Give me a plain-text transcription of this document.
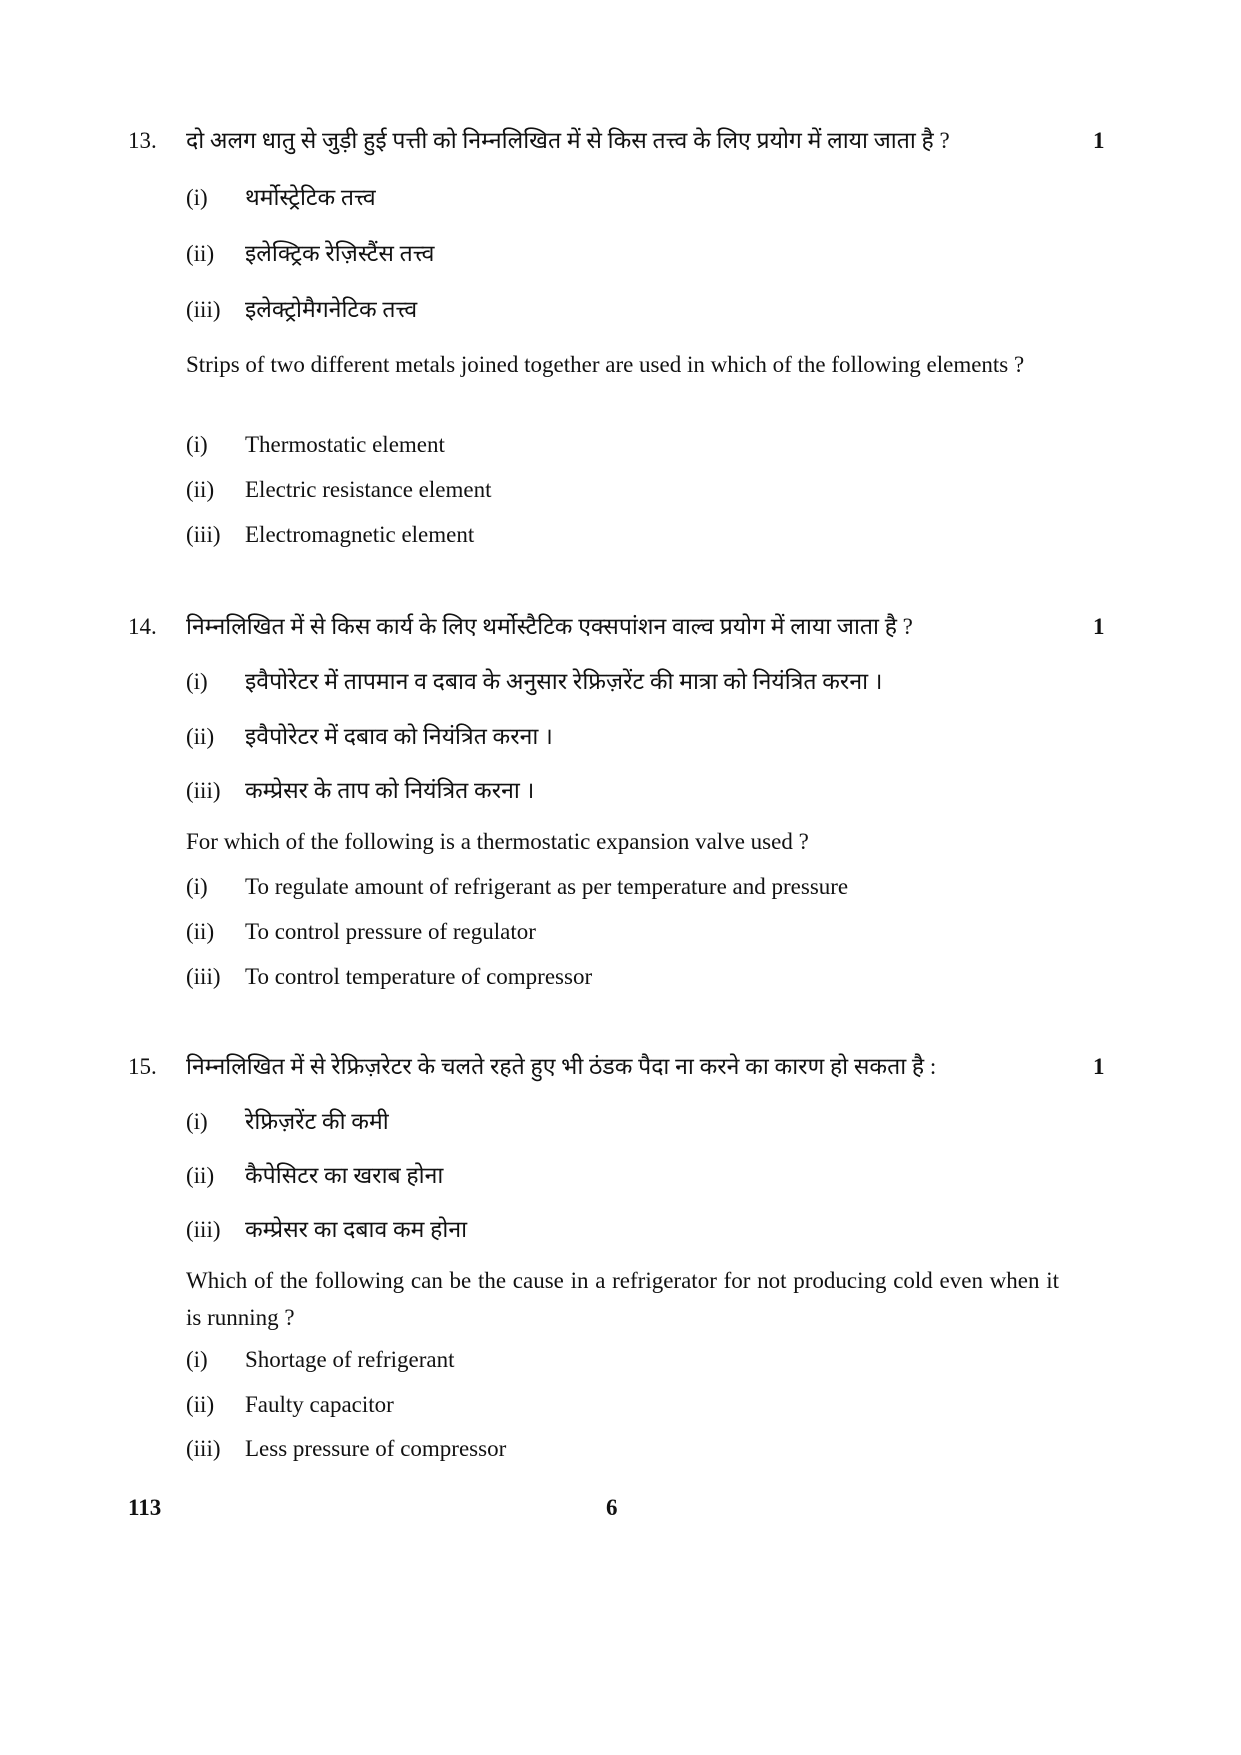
13. दो अलग धातु से जुड़ी हुई पत्ती को निम्नलिखित में से किस तत्त्व के लिए प्रयोग में लाया जाता है ?	1
(i) थर्मोस्ट्रेटिक तत्त्व
(ii) इलेक्ट्रिक रेज़िस्टैंस तत्त्व
(iii) इलेक्ट्रोमैगनेटिक तत्त्व
Strips of two different metals joined together are used in which of the following elements ?
(i) Thermostatic element
(ii) Electric resistance element
(iii) Electromagnetic element
14. निम्नलिखित में से किस कार्य के लिए थर्मोस्टैटिक एक्सपांशन वाल्व प्रयोग में लाया जाता है ?	1
(i) इवैपोरेटर में तापमान व दबाव के अनुसार रेफ्रिज़रेंट की मात्रा को नियंत्रित करना ।
(ii) इवैपोरेटर में दबाव को नियंत्रित करना ।
(iii) कम्प्रेसर के ताप को नियंत्रित करना ।
For which of the following is a thermostatic expansion valve used ?
(i) To regulate amount of refrigerant as per temperature and pressure
(ii) To control pressure of regulator
(iii) To control temperature of compressor
15. निम्नलिखित में से रेफ्रिज़रेटर के चलते रहते हुए भी ठंडक पैदा ना करने का कारण हो सकता है :	1
(i) रेफ्रिज़रेंट की कमी
(ii) कैपेसिटर का खराब होना
(iii) कम्प्रेसर का दबाव कम होना
Which of the following can be the cause in a refrigerator for not producing cold even when it is running ?
(i) Shortage of refrigerant
(ii) Faulty capacitor
(iii) Less pressure of compressor
113	6
